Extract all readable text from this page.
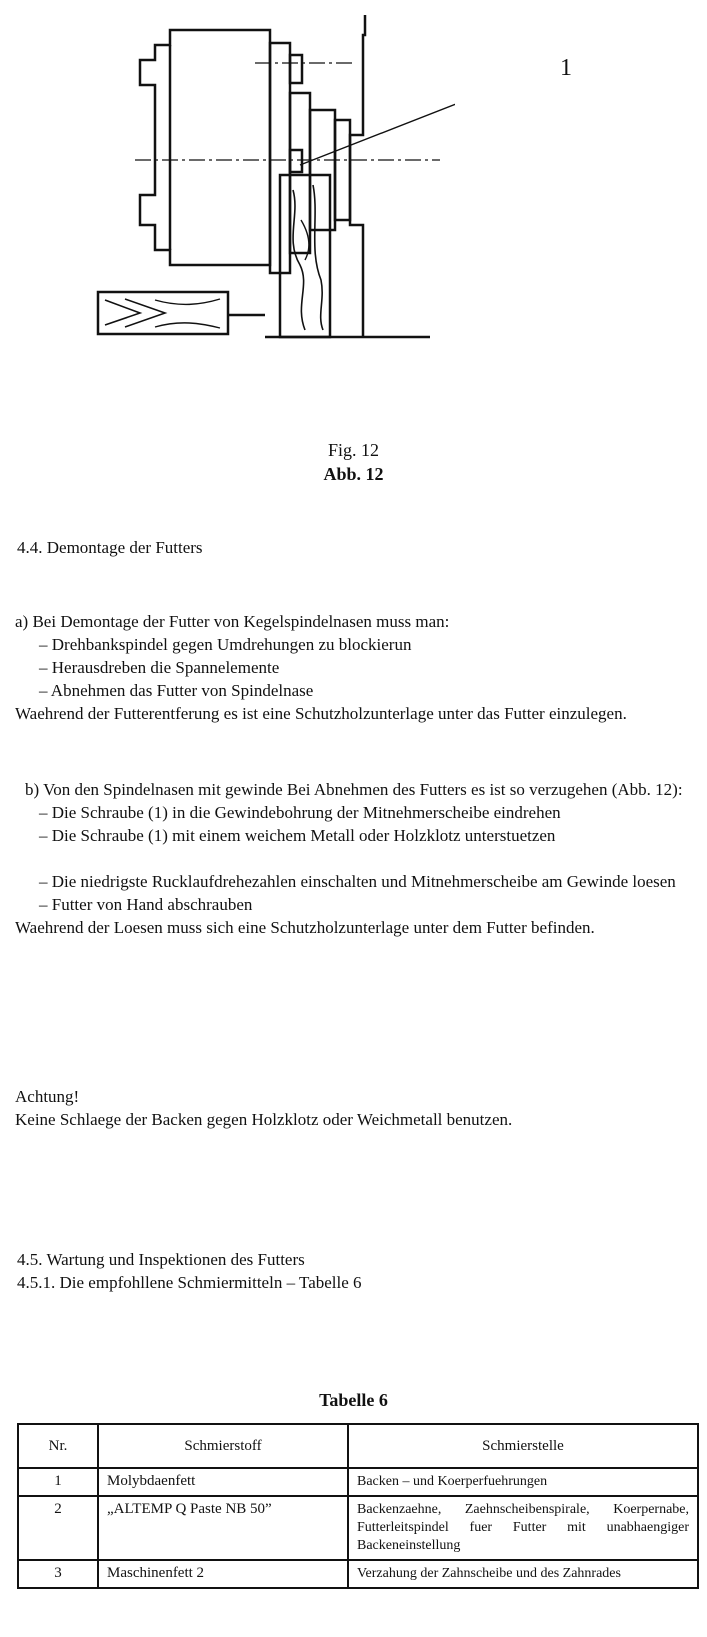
1
Fig. 12
Abb. 12
4.4. Demontage der Futters

a) Bei Demontage der Futter von Kegelspindelnasen muss man:

– Drehbankspindel gegen Umdrehungen zu blockierun

– Herausdreben die Spannelemente

– Abnehmen das Futter von Spindelnase

Waehrend der Futterentferung es ist eine Schutzholzunterlage unter das Futter einzulegen.

b) Von den Spindelnasen mit gewinde Bei Abnehmen des Futters es ist so verzugehen (Abb. 12):

– Die Schraube (1) in die Gewindebohrung der Mitnehmerscheibe eindrehen

– Die Schraube (1) mit einem weichem Metall oder Holzklotz unterstuetzen

– Die niedrigste Rucklaufdrehezahlen einschalten und Mitnehmerscheibe am Gewinde loesen

– Futter von Hand abschrauben

Waehrend der Loesen muss sich eine Schutzholzunterlage unter dem Futter befinden.

Achtung!

Keine Schlaege der Backen gegen Holzklotz oder Weichmetall benutzen.

4.5. Wartung und Inspektionen des Futters
4.5.1. Die empfohllene Schmiermitteln – Tabelle 6
Tabelle 6
Nr.	Schmierstoff	Schmierstelle
1	Molybdaenfett	Backen – und Koerperfuehrungen
2	„ALTEMP Q Paste NB 50”	Backenzaehne, Zaehnscheibenspirale, Koerpernabe, Futterleitspindel fuer Futter mit unabhaengiger Backeneinstellung
3	Maschinenfett 2	Verzahung der Zahnscheibe und des Zahnrades
